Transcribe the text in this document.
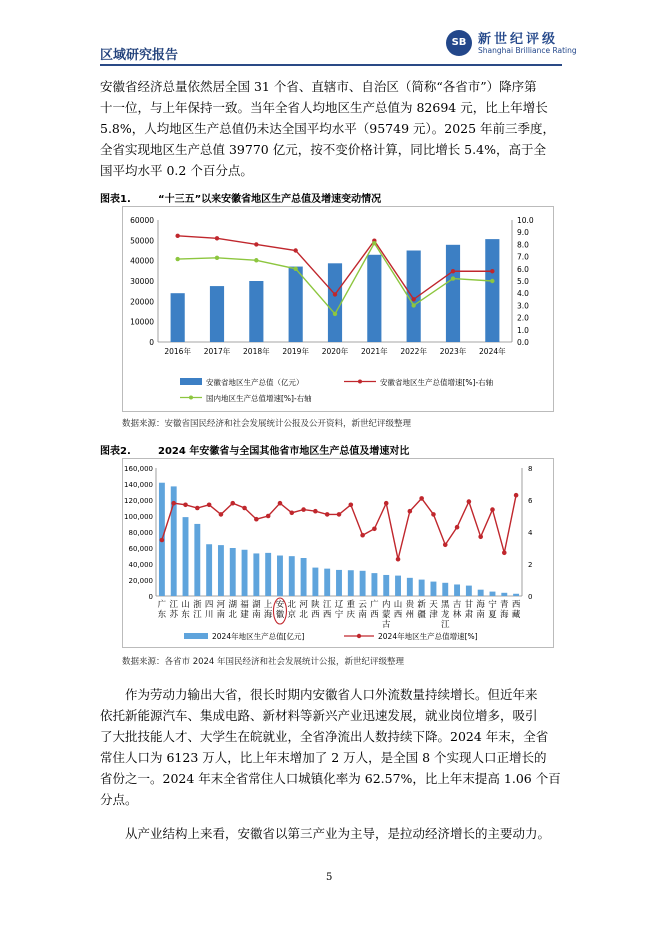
区域研究报告
SB 新世纪评级
Shanghai Brilliance Rating
安徽省经济总量依然居全国 31 个省、直辖市、自治区（简称“各省市”）降序第
十一位，与上年保持一致。当年全省人均地区生产总值为 82694 元，比上年增长
5.8%，人均地区生产总值仍未达全国平均水平（95749 元）。2025 年前三季度，
全省实现地区生产总值 39770 亿元，按不变价格计算，同比增长 5.4%，高于全
国平均水平 0.2 个百分点。
图表1.	“十三五”以来安徽省地区生产总值及增速变动情况
0
10000
20000
30000
40000
50000
60000
0.0
1.0
2.0
3.0
4.0
5.0
6.0
7.0
8.0
9.0
10.0
2016年 2017年 2018年 2019年 2020年 2021年 2022年 2023年 2024年
安徽省地区生产总值（亿元）	安徽省地区生产总值增速[%]-右轴
国内地区生产总值增速[%]-右轴
数据来源：安徽省国民经济和社会发展统计公报及公开资料，新世纪评级整理
图表2.	2024 年安徽省与全国其他省市地区生产总值及增速对比
0
20,000
40,000
60,000
80,000
100,000
120,000
140,000
160,000
0
2
4
6
8
广
东
江
苏
山
东
浙
江
四
川
河
南
湖
北
福
建
湖
南
上
海
安
徽
北
京
河
北
陕
西
江
西
辽
宁
重
庆
云
南
广
西
内
蒙
古
山
西
贵
州
新
疆
天
津
黑
龙
江
吉
林
甘
肃
海
南
宁
夏
青
海
西
藏
2024年地区生产总值[亿元]	2024年地区生产总值增速[%]
数据来源：各省市 2024 年国民经济和社会发展统计公报，新世纪评级整理
作为劳动力输出大省，很长时期内安徽省人口外流数量持续增长。但近年来
依托新能源汽车、集成电路、新材料等新兴产业迅速发展，就业岗位增多，吸引
了大批技能人才、大学生在皖就业，全省净流出人数持续下降。2024 年末，全省
常住人口为 6123 万人，比上年末增加了 2 万人，是全国 8 个实现人口正增长的
省份之一。2024 年末全省常住人口城镇化率为 62.57%，比上年末提高 1.06 个百
分点。
从产业结构上来看，安徽省以第三产业为主导，是拉动经济增长的主要动力。
5
